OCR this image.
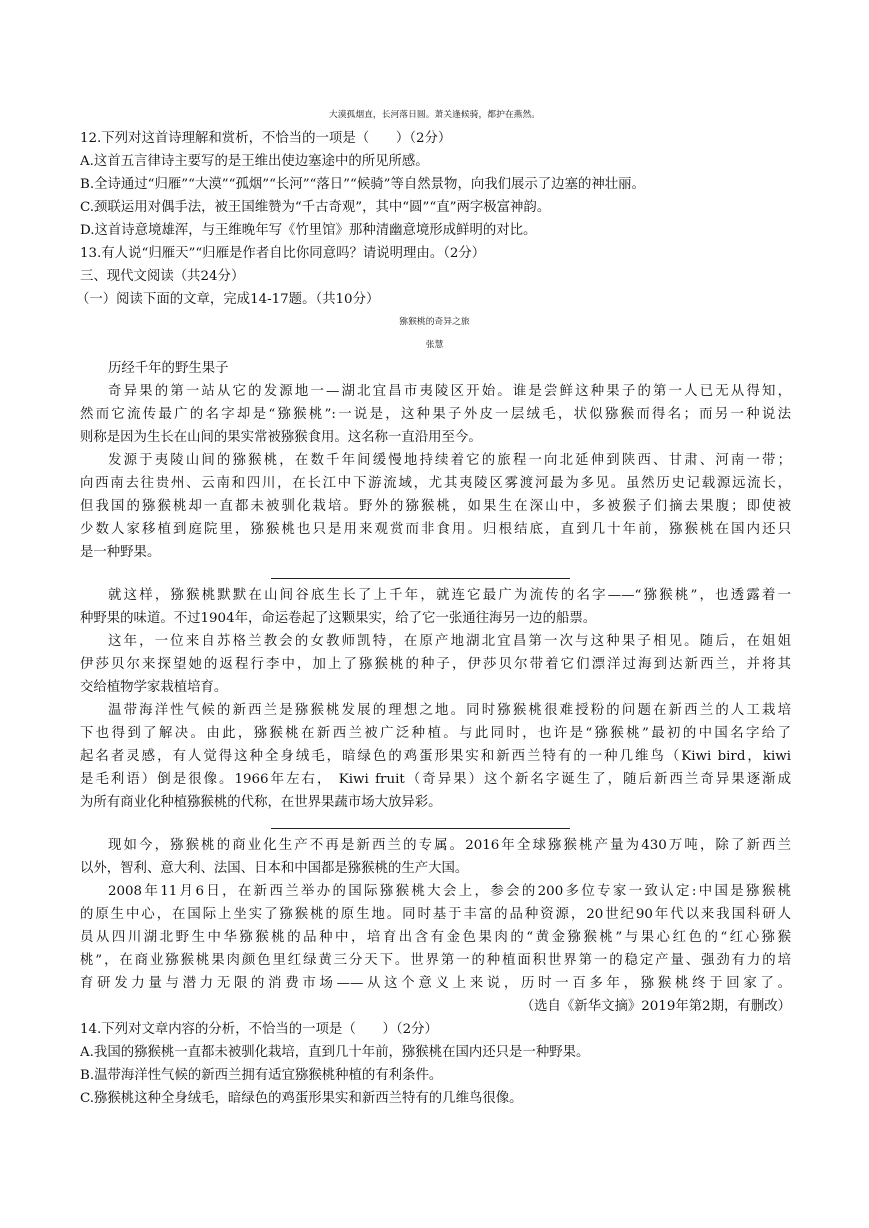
大漠孤烟直，长河落日圆。萧关逢候骑，都护在燕然。
12.下列对这首诗理解和赏析，不恰当的一项是（　　）（2分）
A.这首五言律诗主要写的是王维出使边塞途中的所见所感。
B.全诗通过“归雁”“大漠”“孤烟”“长河”“落日”“候骑”等自然景物，向我们展示了边塞的神壮丽。
C.颈联运用对偶手法，被王国维赞为“千古奇观”，其中“圆”“直”两字极富神韵。
D.这首诗意境雄浑，与王维晚年写《竹里馆》那种清幽意境形成鲜明的对比。
13.有人说“归雁天”“归雁是作者自比你同意吗？请说明理由。（2分）
三、现代文阅读（共24分）
（一）阅读下面的文章，完成14-17题。（共10分）
猕猴桃的奇异之旅
张慧
历经千年的野生果子
奇异果的第一站从它的发源地一—湖北宜昌市夷陵区开始。谁是尝鲜这种果子的第一人已无从得知，
然而它流传最广的名字却是“猕猴桃”:一说是，这种果子外皮一层绒毛，状似猕猴而得名；而另一种说法
则称是因为生长在山间的果实常被猕猴食用。这名称一直沿用至今。
发源于夷陵山间的猕猴桃，在数千年间缓慢地持续着它的旅程一向北延伸到陕西、甘肃、河南一带；
向西南去往贵州、云南和四川，在长江中下游流域，尤其夷陵区雾渡河最为多见。虽然历史记载源远流长，
但我国的猕猴桃却一直都未被驯化栽培。野外的猕猴桃，如果生在深山中，多被猴子们摘去果腹；即使被
少数人家移植到庭院里，猕猴桃也只是用来观赏而非食用。归根结底，直到几十年前，猕猴桃在国内还只
是一种野果。
就这样，猕猴桃默默在山间谷底生长了上千年，就连它最广为流传的名字——“猕猴桃”，也透露着一
种野果的味道。不过1904年，命运卷起了这颗果实，给了它一张通往海另一边的船票。
这年，一位来自苏格兰教会的女教师凯特，在原产地湖北宜昌第一次与这种果子相见。随后，在姐姐
伊莎贝尔来探望她的返程行李中，加上了猕猴桃的种子，伊莎贝尔带着它们漂洋过海到达新西兰，并将其
交给植物学家栽植培育。
温带海洋性气候的新西兰是猕猴桃发展的理想之地。同时猕猴桃很难授粉的问题在新西兰的人工栽培
下也得到了解决。由此，猕猴桃在新西兰被广泛种植。与此同时，也许是“猕猴桃”最初的中国名字给了
起名者灵感，有人觉得这种全身绒毛，暗绿色的鸡蛋形果实和新西兰特有的一种几维鸟（Kiwi bird，kiwi
是毛利语）倒是很像。1966年左右， Kiwi fruit（奇异果）这个新名字诞生了，随后新西兰奇异果逐渐成
为所有商业化种植猕猴桃的代称，在世界果蔬市场大放异彩。
现如今，猕猴桃的商业化生产不再是新西兰的专属。2016年全球猕猴桃产量为430万吨，除了新西兰
以外，智利、意大利、法国、日本和中国都是猕猴桃的生产大国。
2008年11月6日，在新西兰举办的国际猕猴桃大会上，参会的200多位专家一致认定:中国是猕猴桃
的原生中心，在国际上坐实了猕猴桃的原生地。同时基于丰富的品种资源，20世纪90年代以来我国科研人
员从四川湖北野生中华猕猴桃的品种中，培育出含有金色果肉的“黄金猕猴桃”与果心红色的“红心猕猴
桃”，在商业猕猴桃果肉颜色里红绿黄三分天下。世界第一的种植面积世界第一的稳定产量、强劲有力的培
育研发力量与潜力无限的消费市场——从这个意义上来说，历时一百多年，猕猴桃终于回家了。
（选自《新华文摘》2019年第2期，有删改）
14.下列对文章内容的分析，不恰当的一项是（　　）（2分）
A.我国的猕猴桃一直都未被驯化栽培，直到几十年前，猕猴桃在国内还只是一种野果。
B.温带海洋性气候的新西兰拥有适宜猕猴桃种植的有利条件。
C.猕猴桃这种全身绒毛，暗绿色的鸡蛋形果实和新西兰特有的几维鸟很像。
